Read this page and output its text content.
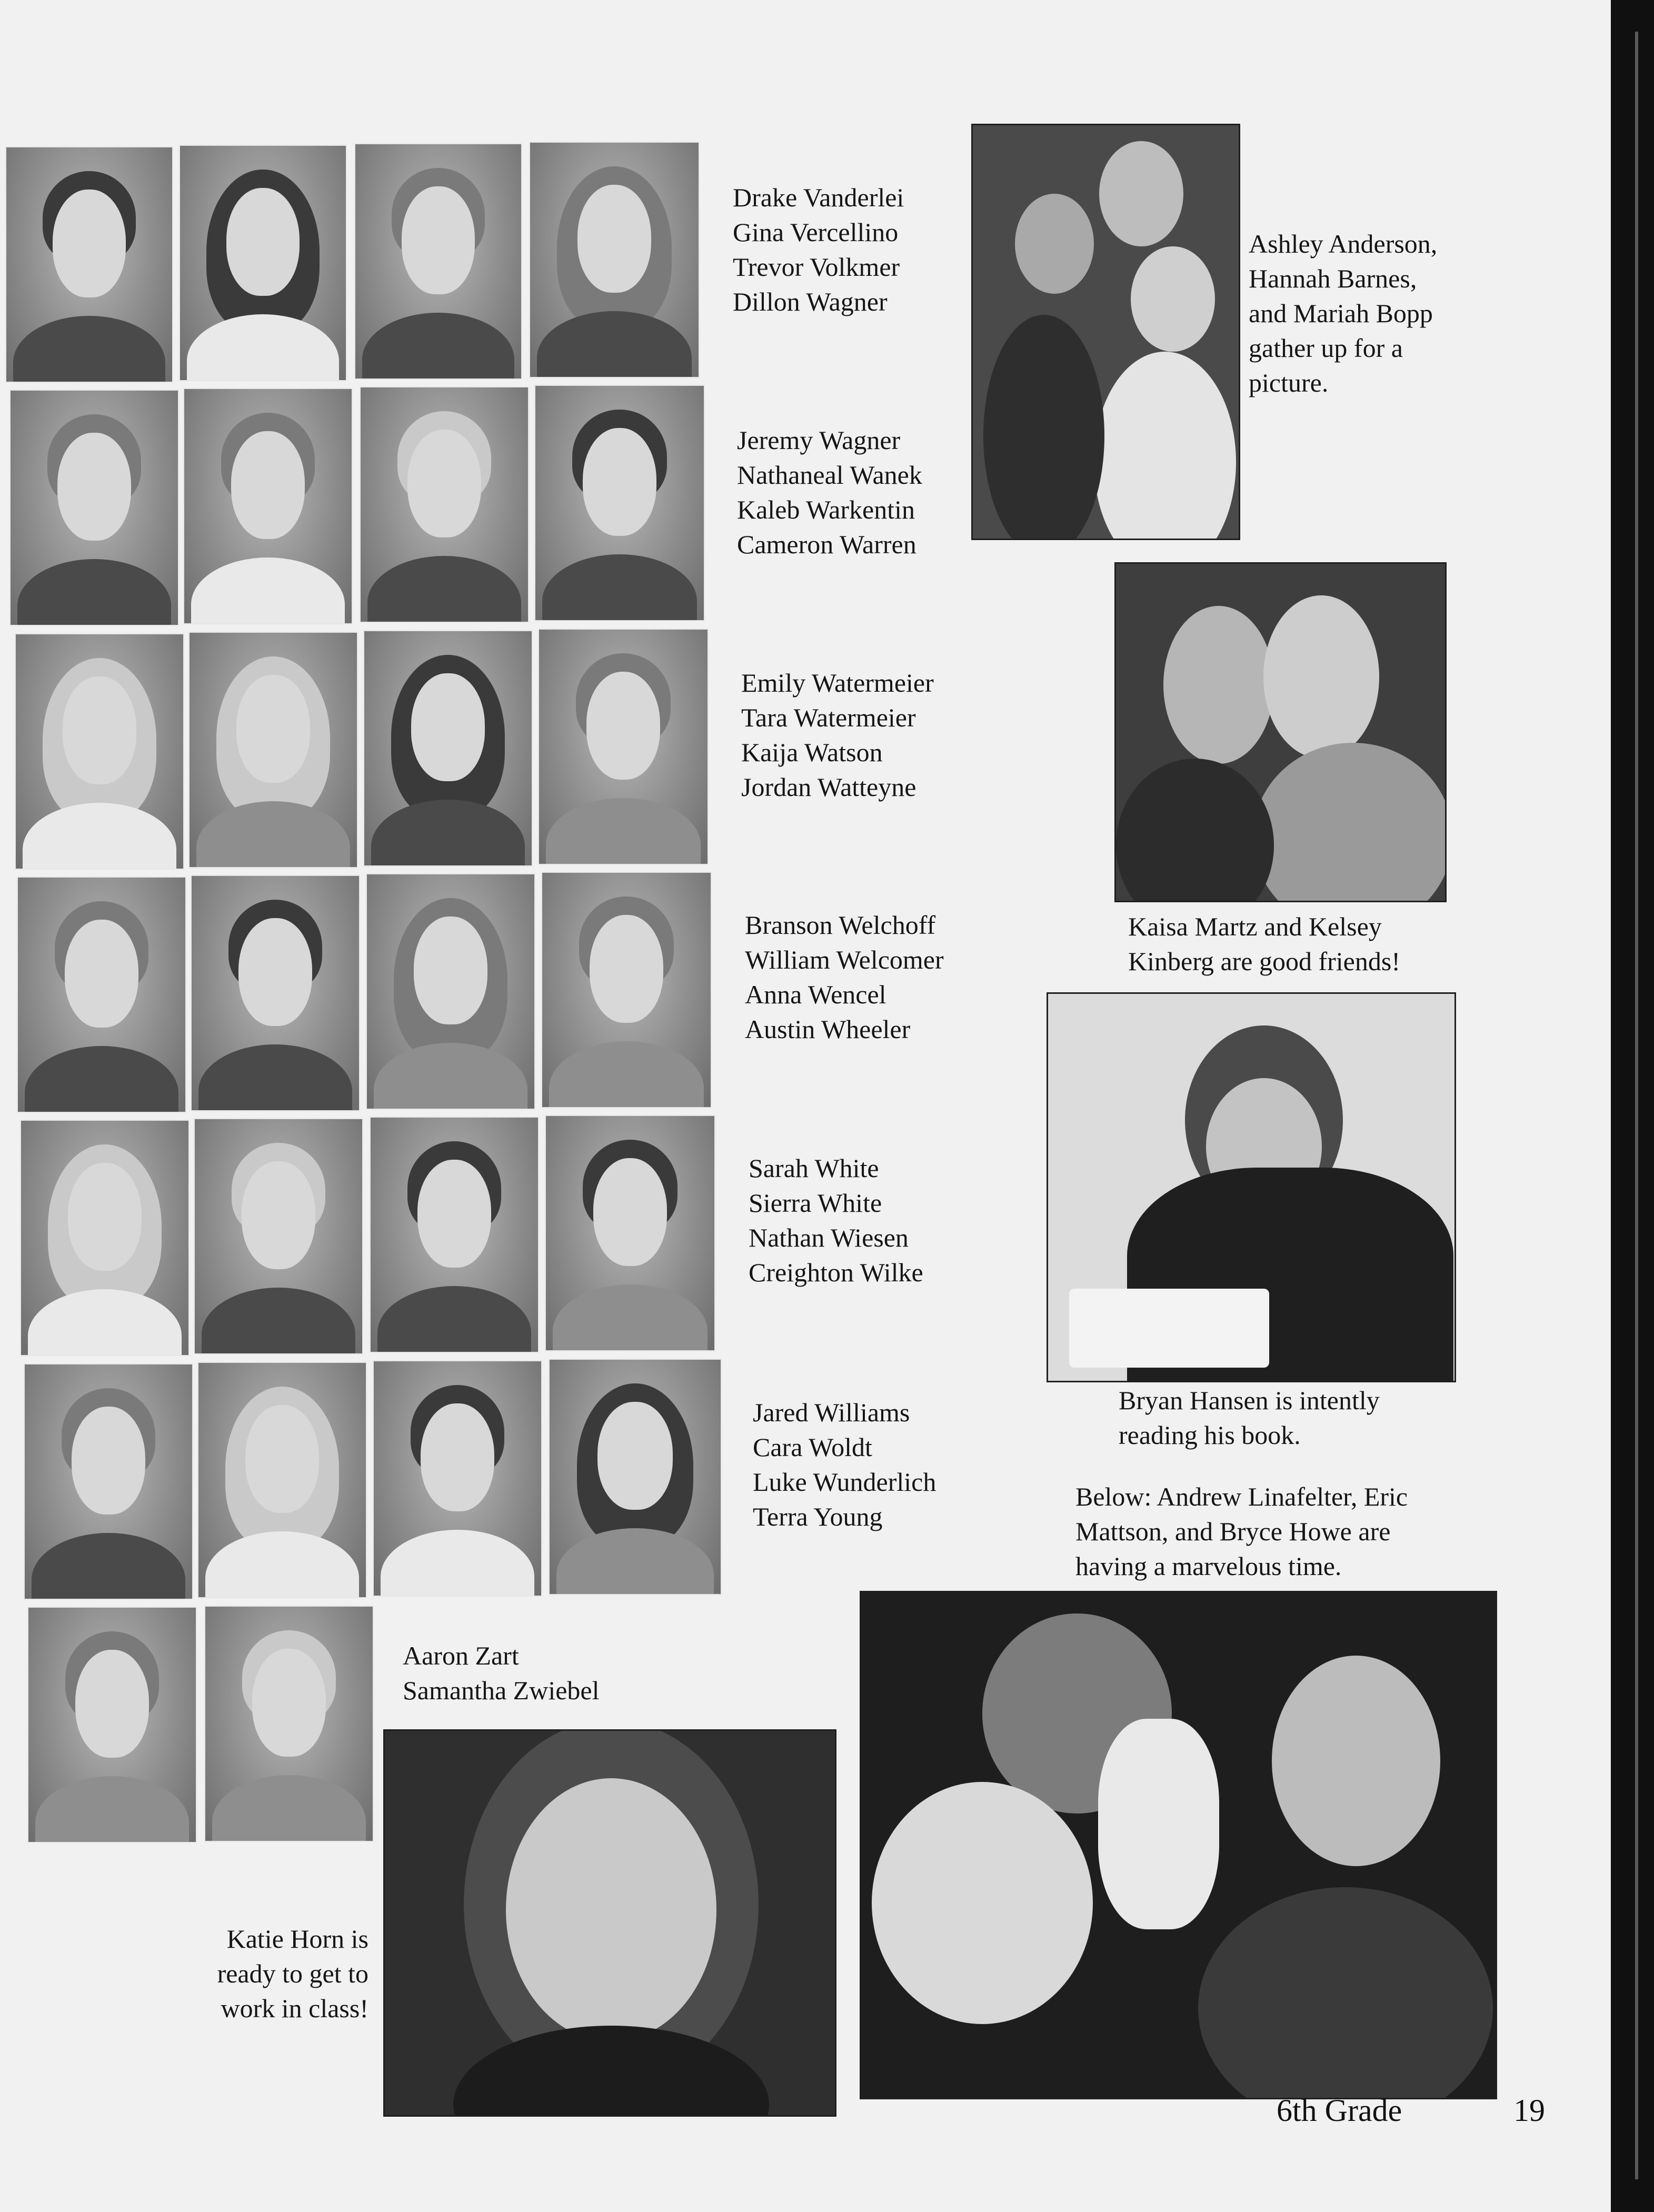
Drake Vanderlei
Gina Vercellino
Trevor Volkmer
Dillon Wagner
Jeremy Wagner
Nathaneal Wanek
Kaleb Warkentin
Cameron Warren
Emily Watermeier
Tara Watermeier
Kaija Watson
Jordan Watteyne
Branson Welchoff
William Welcomer
Anna Wencel
Austin Wheeler
Sarah White
Sierra White
Nathan Wiesen
Creighton Wilke
Jared Williams
Cara Woldt
Luke Wunderlich
Terra Young
Aaron Zart
Samantha Zwiebel
Ashley Anderson,
Hannah Barnes,
and Mariah Bopp
gather up for a
picture.
Kaisa Martz and Kelsey
Kinberg are good friends!
Bryan Hansen is intently
reading his book.
Below: Andrew Linafelter, Eric
Mattson, and Bryce Howe are
having a marvelous time.
Katie Horn is
ready to get to
work in class!
6th Grade	19
